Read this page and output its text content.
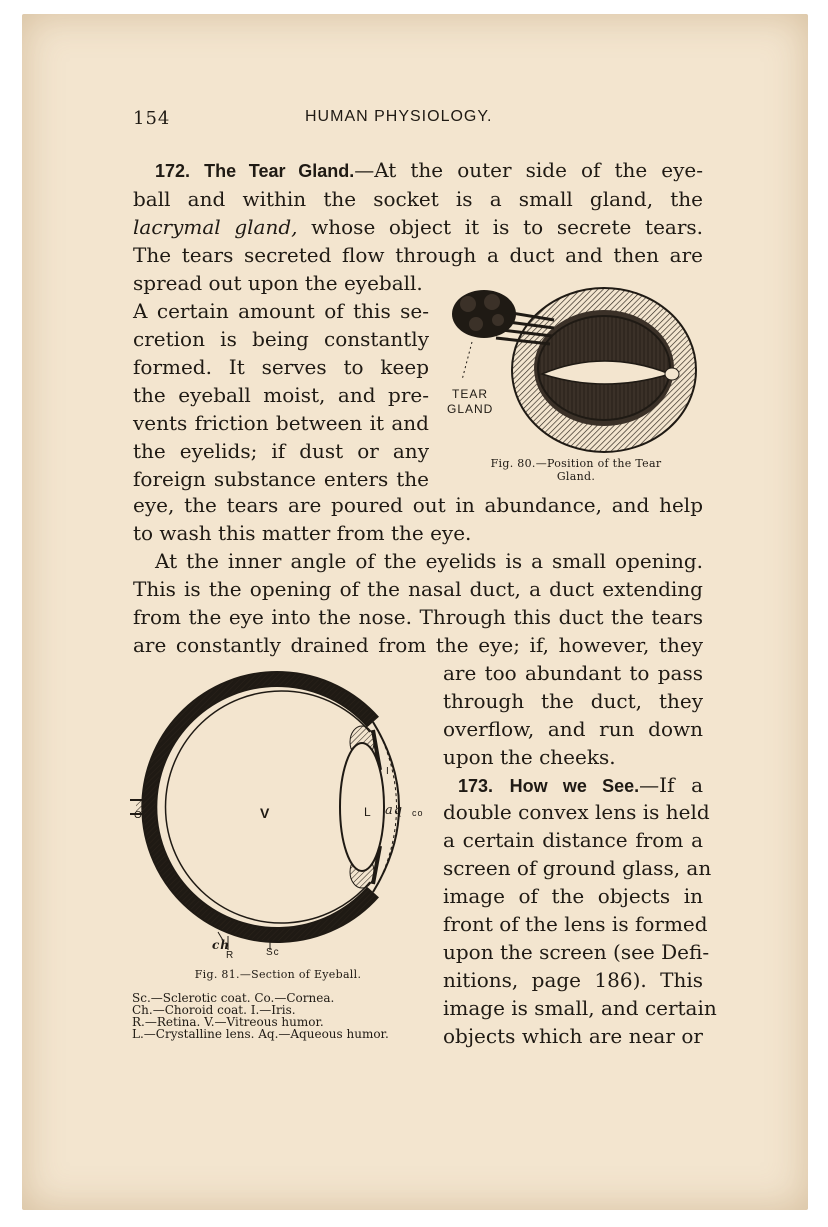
154	HUMAN PHYSIOLOGY.
172. The Tear Gland.—At the outer side of the eye-
ball and within the socket is a small gland, the
lacrymal gland, whose object it is to secrete tears.
The tears secreted flow through a duct and then are
spread out upon the eyeball.
A certain amount of this se-
cretion is being constantly
formed. It serves to keep
the eyeball moist, and pre-
vents friction between it and
the eyelids; if dust or any
foreign substance enters the
eye, the tears are poured out in abundance, and help
to wash this matter from the eye.
TEAR
GLAND
Fig. 80.—Position of the Tear
Gland.
At the inner angle of the eyelids is a small opening.
This is the opening of the nasal duct, a duct extending
from the eye into the nose. Through this duct the tears
are constantly drained from the eye; if, however, they
are too abundant to pass
through the duct, they
overflow, and run down
upon the cheeks.
173. How we See.—If a
double convex lens is held
a certain distance from a
screen of ground glass, an
image of the objects in
front of the lens is formed
upon the screen (see Defi-
nitions, page 186). This
image is small, and certain
objects which are near or
V	L aq
I
co
O
ch
R	Sc
Fig. 81.—Section of Eyeball.
Sc.—Sclerotic coat. Co.—Cornea.
Ch.—Choroid coat. I.—Iris.
R.—Retina. V.—Vitreous humor.
L.—Crystalline lens. Aq.—Aqueous humor.
